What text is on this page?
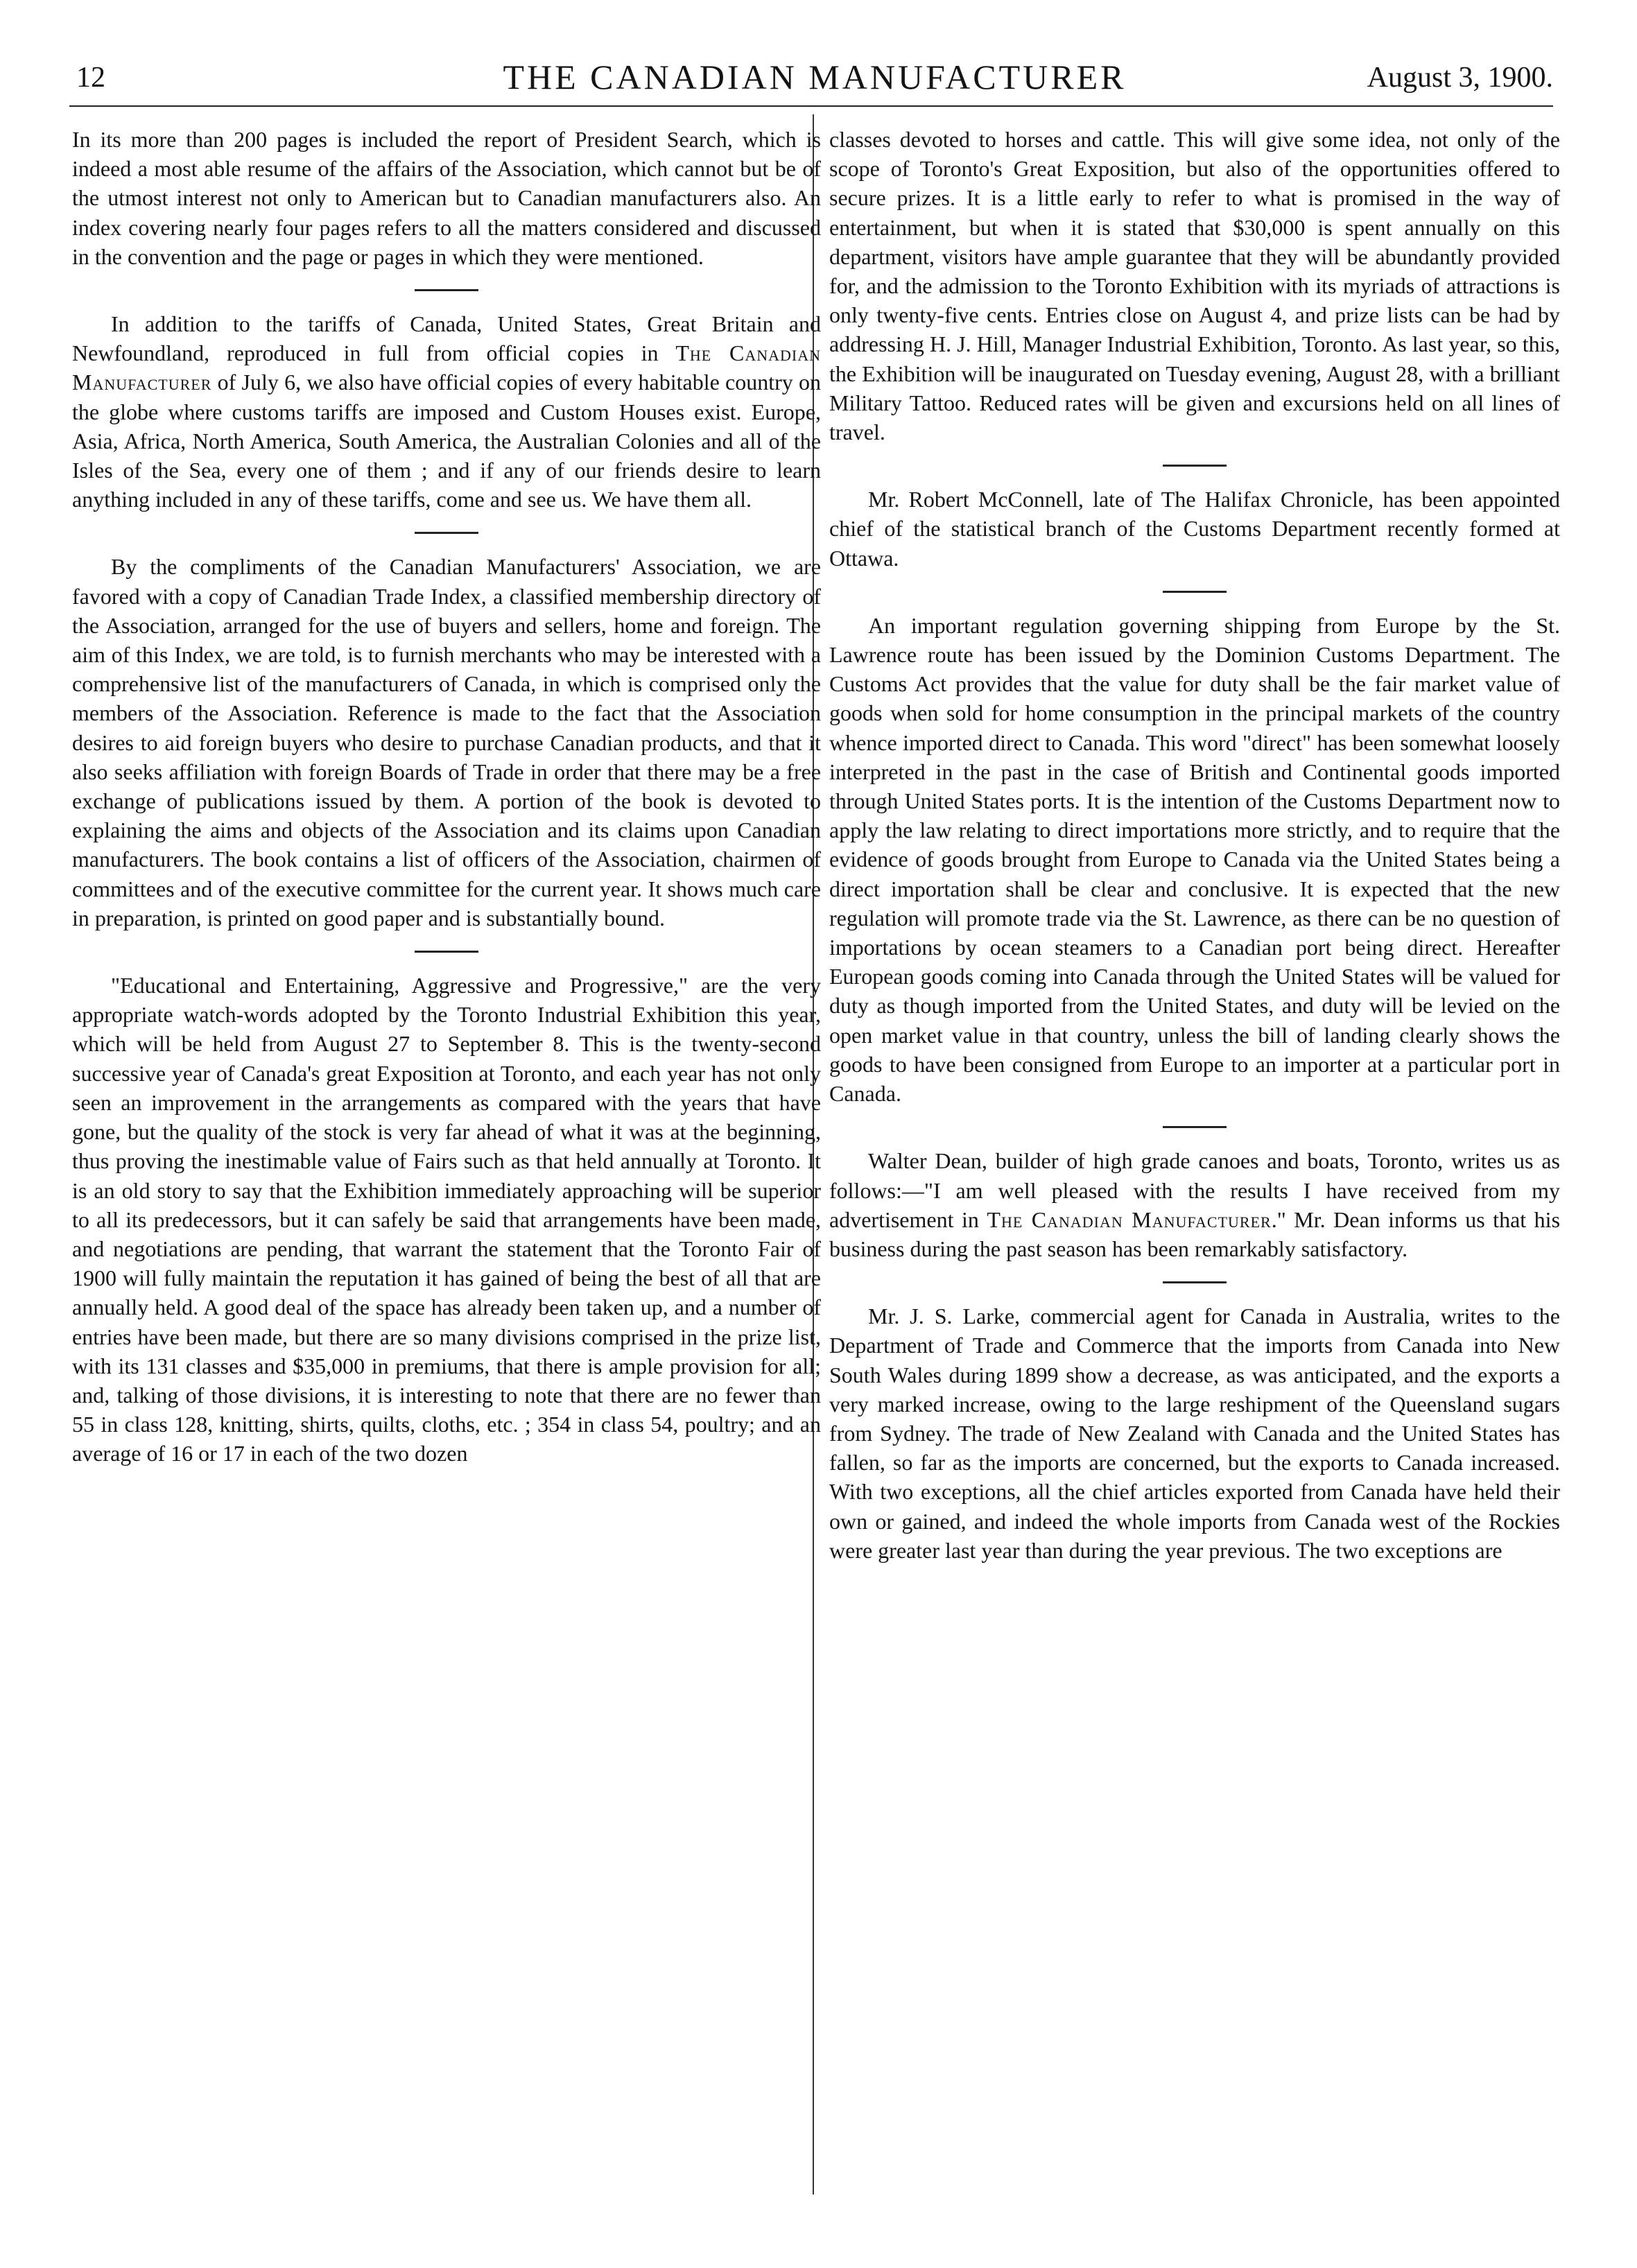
12	THE CANADIAN MANUFACTURER	August 3, 1900.

In its more than 200 pages is included the report of President Search, which is indeed a most able resume of the affairs of the Association, which cannot but be of the utmost interest not only to American but to Canadian manufacturers also. An index covering nearly four pages refers to all the matters considered and discussed in the convention and the page or pages in which they were mentioned.

In addition to the tariffs of Canada, United States, Great Britain and Newfoundland, reproduced in full from official copies in The Canadian Manufacturer of July 6, we also have official copies of every habitable country on the globe where customs tariffs are imposed and Custom Houses exist. Europe, Asia, Africa, North America, South America, the Australian Colonies and all of the Isles of the Sea, every one of them ; and if any of our friends desire to learn anything included in any of these tariffs, come and see us. We have them all.

By the compliments of the Canadian Manufacturers' Association, we are favored with a copy of Canadian Trade Index, a classified membership directory of the Association, arranged for the use of buyers and sellers, home and foreign. The aim of this Index, we are told, is to furnish merchants who may be interested with a comprehensive list of the manufacturers of Canada, in which is comprised only the members of the Association. Reference is made to the fact that the Association desires to aid foreign buyers who desire to purchase Canadian products, and that it also seeks affiliation with foreign Boards of Trade in order that there may be a free exchange of publications issued by them. A portion of the book is devoted to explaining the aims and objects of the Association and its claims upon Canadian manufacturers. The book contains a list of officers of the Association, chairmen of committees and of the executive committee for the current year. It shows much care in preparation, is printed on good paper and is substantially bound.

"Educational and Entertaining, Aggressive and Progressive," are the very appropriate watch-words adopted by the Toronto Industrial Exhibition this year, which will be held from August 27 to September 8. This is the twenty-second successive year of Canada's great Exposition at Toronto, and each year has not only seen an improvement in the arrangements as compared with the years that have gone, but the quality of the stock is very far ahead of what it was at the beginning, thus proving the inestimable value of Fairs such as that held annually at Toronto. It is an old story to say that the Exhibition immediately approaching will be superior to all its predecessors, but it can safely be said that arrangements have been made, and negotiations are pending, that warrant the statement that the Toronto Fair of 1900 will fully maintain the reputation it has gained of being the best of all that are annually held. A good deal of the space has already been taken up, and a number of entries have been made, but there are so many divisions comprised in the prize list, with its 131 classes and $35,000 in premiums, that there is ample provision for all; and, talking of those divisions, it is interesting to note that there are no fewer than 55 in class 128, knitting, shirts, quilts, cloths, etc. ; 354 in class 54, poultry; and an average of 16 or 17 in each of the two dozen

classes devoted to horses and cattle. This will give some idea, not only of the scope of Toronto's Great Exposition, but also of the opportunities offered to secure prizes. It is a little early to refer to what is promised in the way of entertainment, but when it is stated that $30,000 is spent annually on this department, visitors have ample guarantee that they will be abundantly provided for, and the admission to the Toronto Exhibition with its myriads of attractions is only twenty-five cents. Entries close on August 4, and prize lists can be had by addressing H. J. Hill, Manager Industrial Exhibition, Toronto. As last year, so this, the Exhibition will be inaugurated on Tuesday evening, August 28, with a brilliant Military Tattoo. Reduced rates will be given and excursions held on all lines of travel.

Mr. Robert McConnell, late of The Halifax Chronicle, has been appointed chief of the statistical branch of the Customs Department recently formed at Ottawa.

An important regulation governing shipping from Europe by the St. Lawrence route has been issued by the Dominion Customs Department. The Customs Act provides that the value for duty shall be the fair market value of goods when sold for home consumption in the principal markets of the country whence imported direct to Canada. This word "direct" has been somewhat loosely interpreted in the past in the case of British and Continental goods imported through United States ports. It is the intention of the Customs Department now to apply the law relating to direct importations more strictly, and to require that the evidence of goods brought from Europe to Canada via the United States being a direct importation shall be clear and conclusive. It is expected that the new regulation will promote trade via the St. Lawrence, as there can be no question of importations by ocean steamers to a Canadian port being direct. Hereafter European goods coming into Canada through the United States will be valued for duty as though imported from the United States, and duty will be levied on the open market value in that country, unless the bill of landing clearly shows the goods to have been consigned from Europe to an importer at a particular port in Canada.

Walter Dean, builder of high grade canoes and boats, Toronto, writes us as follows:—"I am well pleased with the results I have received from my advertisement in The Canadian Manufacturer." Mr. Dean informs us that his business during the past season has been remarkably satisfactory.

Mr. J. S. Larke, commercial agent for Canada in Australia, writes to the Department of Trade and Commerce that the imports from Canada into New South Wales during 1899 show a decrease, as was anticipated, and the exports a very marked increase, owing to the large reshipment of the Queensland sugars from Sydney. The trade of New Zealand with Canada and the United States has fallen, so far as the imports are concerned, but the exports to Canada increased. With two exceptions, all the chief articles exported from Canada have held their own or gained, and indeed the whole imports from Canada west of the Rockies were greater last year than during the year previous. The two exceptions are
